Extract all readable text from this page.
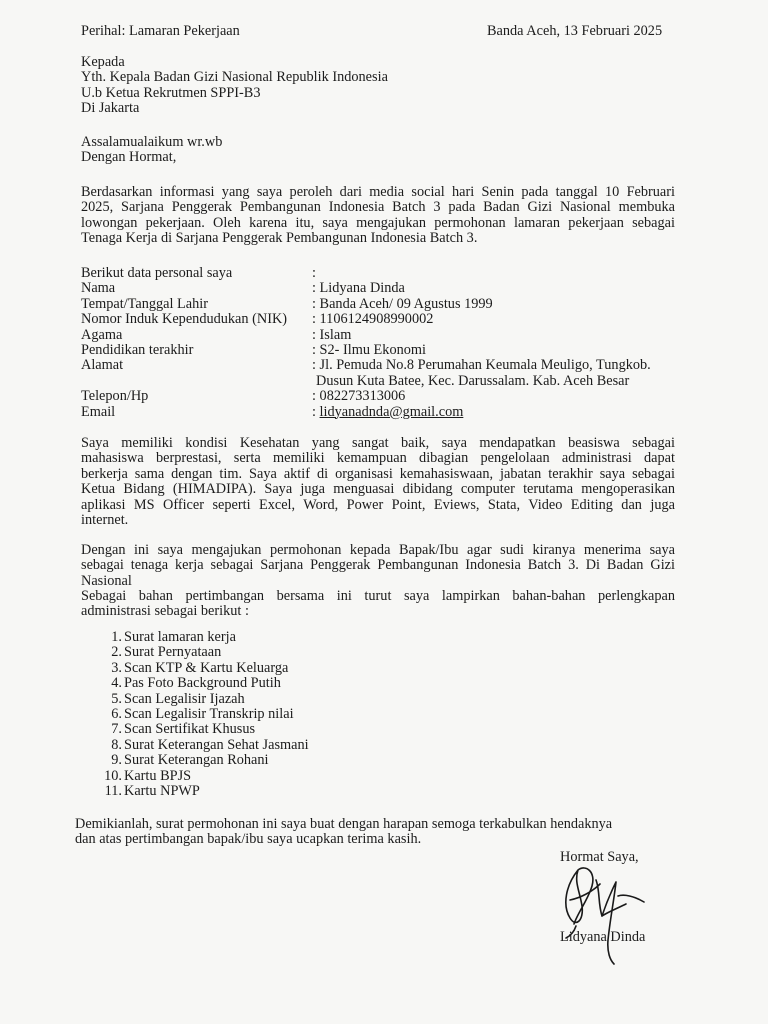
Perihal: Lamaran Pekerjaan	Banda Aceh, 13 Februari 2025
Kepada
Yth. Kepala Badan Gizi Nasional Republik Indonesia
U.b Ketua Rekrutmen SPPI-B3
Di Jakarta
Assalamualaikum wr.wb
Dengan Hormat,
Berdasarkan informasi yang saya peroleh dari media social hari Senin pada tanggal 10 Februari
2025, Sarjana Penggerak Pembangunan Indonesia Batch 3 pada Badan Gizi Nasional membuka
lowongan pekerjaan. Oleh karena itu, saya mengajukan permohonan lamaran pekerjaan sebagai
Tenaga Kerja di Sarjana Penggerak Pembangunan Indonesia Batch 3.
Berikut data personal saya	:
Nama	: Lidyana Dinda
Tempat/Tanggal Lahir	: Banda Aceh/ 09 Agustus 1999
Nomor Induk Kependudukan (NIK) : 1106124908990002
Agama	: Islam
Pendidikan terakhir	: S2- Ilmu Ekonomi
Alamat	: Jl. Pemuda No.8 Perumahan Keumala Meuligo, Tungkob.
Dusun Kuta Batee, Kec. Darussalam. Kab. Aceh Besar
Telepon/Hp	: 082273313006
Email	: lidyanadnda@gmail.com
Saya memiliki kondisi Kesehatan yang sangat baik, saya mendapatkan beasiswa sebagai
mahasiswa berprestasi, serta memiliki kemampuan dibagian pengelolaan administrasi dapat
berkerja sama dengan tim. Saya aktif di organisasi kemahasiswaan, jabatan terakhir saya sebagai
Ketua Bidang (HIMADIPA). Saya juga menguasai dibidang computer terutama mengoperasikan
aplikasi MS Officer seperti Excel, Word, Power Point, Eviews, Stata, Video Editing dan juga
internet.
Dengan ini saya mengajukan permohonan kepada Bapak/Ibu agar sudi kiranya menerima saya
sebagai tenaga kerja sebagai Sarjana Penggerak Pembangunan Indonesia Batch 3. Di Badan Gizi
Nasional
Sebagai bahan pertimbangan bersama ini turut saya lampirkan bahan-bahan perlengkapan
administrasi sebagai berikut :
1. Surat lamaran kerja
2. Surat Pernyataan
3. Scan KTP & Kartu Keluarga
4. Pas Foto Background Putih
5. Scan Legalisir Ijazah
6. Scan Legalisir Transkrip nilai
7. Scan Sertifikat Khusus
8. Surat Keterangan Sehat Jasmani
9. Surat Keterangan Rohani
10. Kartu BPJS
11. Kartu NPWP
Demikianlah, surat permohonan ini saya buat dengan harapan semoga terkabulkan hendaknya
dan atas pertimbangan bapak/ibu saya ucapkan terima kasih.
Hormat Saya,
Lidyana Dinda
